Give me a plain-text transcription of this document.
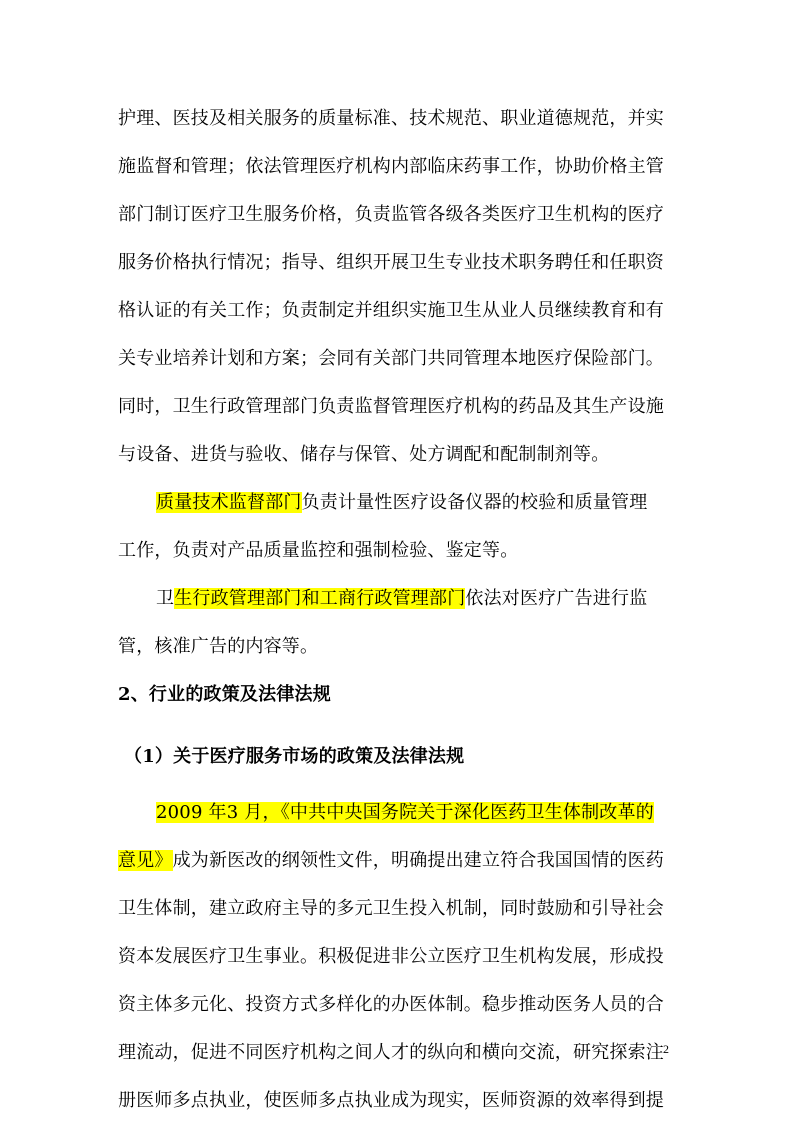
护理、医技及相关服务的质量标准、技术规范、职业道德规范，并实
施监督和管理；依法管理医疗机构内部临床药事工作，协助价格主管
部门制订医疗卫生服务价格，负责监管各级各类医疗卫生机构的医疗
服务价格执行情况；指导、组织开展卫生专业技术职务聘任和任职资
格认证的有关工作；负责制定并组织实施卫生从业人员继续教育和有
关专业培养计划和方案；会同有关部门共同管理本地医疗保险部门。
同时，卫生行政管理部门负责监督管理医疗机构的药品及其生产设施
与设备、进货与验收、储存与保管、处方调配和配制制剂等。
质量技术监督部门负责计量性医疗设备仪器的校验和质量管理
工作，负责对产品质量监控和强制检验、鉴定等。
卫生行政管理部门和工商行政管理部门依法对医疗广告进行监
管，核准广告的内容等。
2、行业的政策及法律法规
（1）关于医疗服务市场的政策及法律法规
2009 年3 月，《中共中央国务院关于深化医药卫生体制改革的
意见》成为新医改的纲领性文件，明确提出建立符合我国国情的医药
卫生体制，建立政府主导的多元卫生投入机制，同时鼓励和引导社会
资本发展医疗卫生事业。积极促进非公立医疗卫生机构发展，形成投
资主体多元化、投资方式多样化的办医体制。稳步推动医务人员的合
理流动，促进不同医疗机构之间人才的纵向和横向交流，研究探索注
册医师多点执业，使医师多点执业成为现实，医师资源的效率得到提
2
